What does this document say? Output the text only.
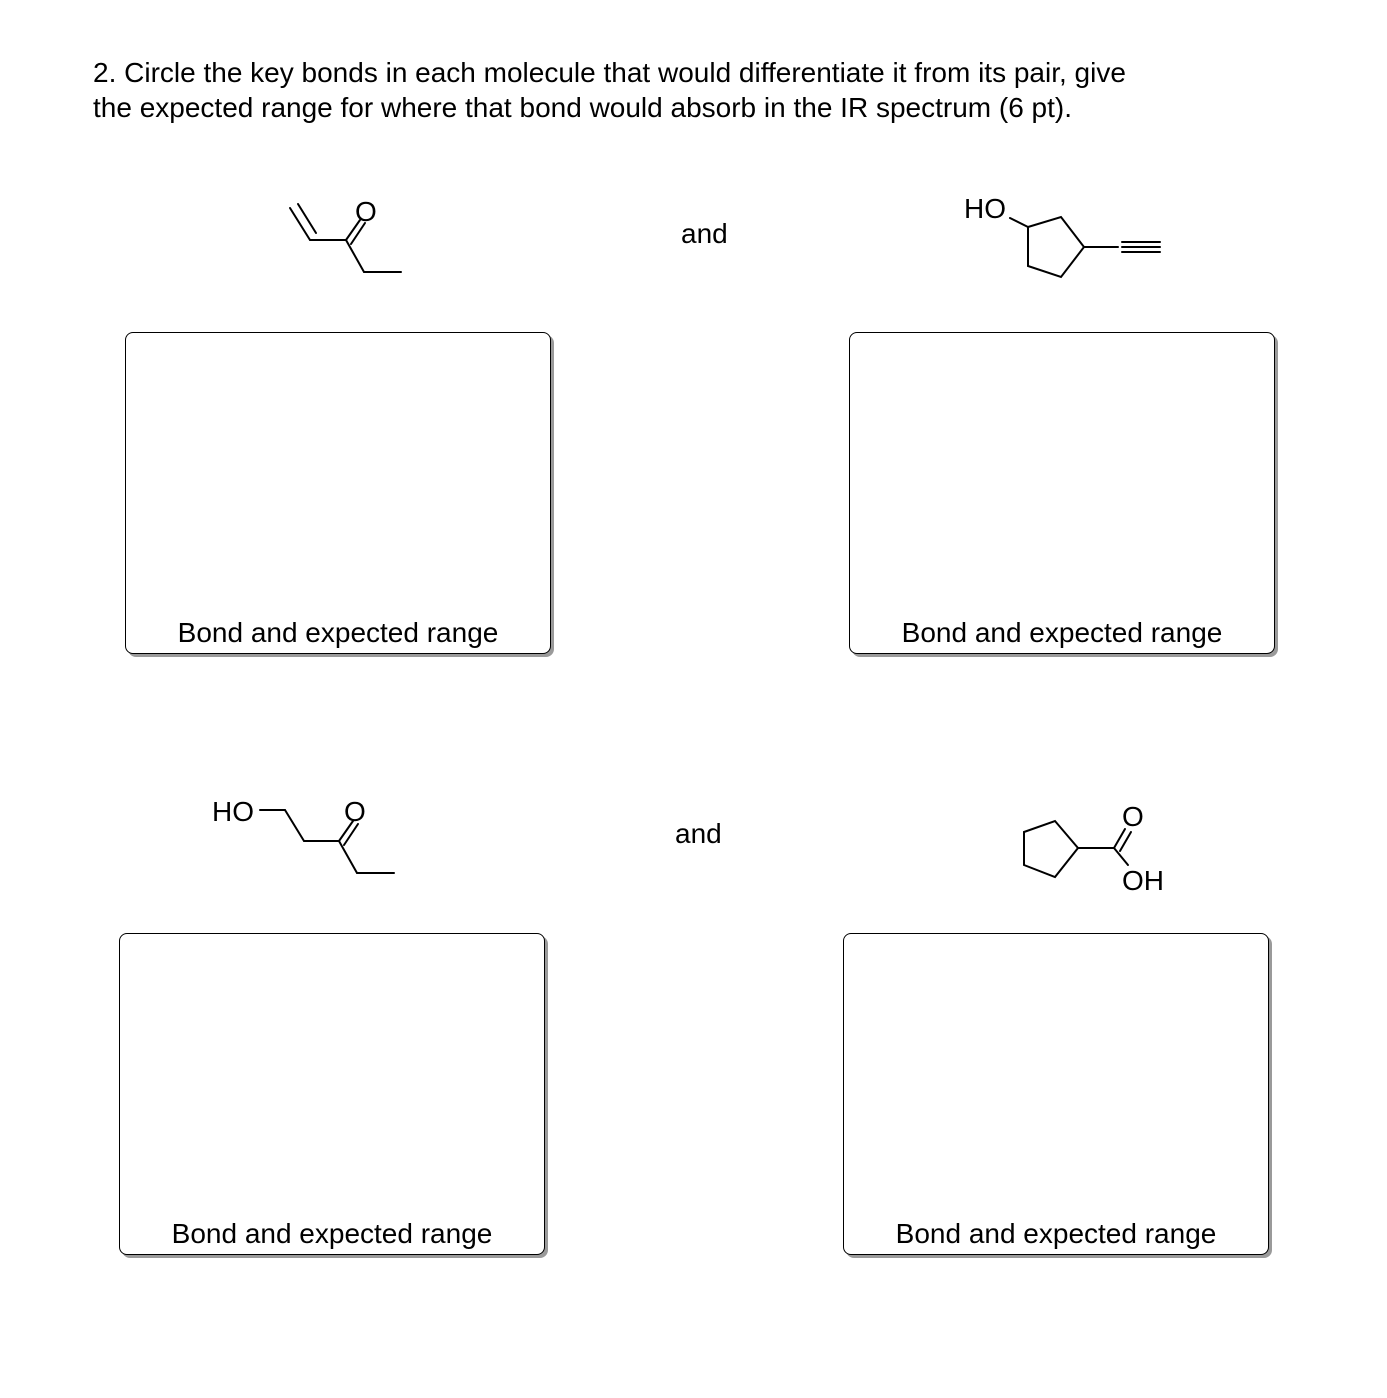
2. Circle the key bonds in each molecule that would differentiate it from its pair, give
the expected range for where that bond would absorb in the IR spectrum (6 pt).

O
and
HO
Bond and expected range	Bond and expected range
HO	O
and
O
OH
Bond and expected range	Bond and expected range
